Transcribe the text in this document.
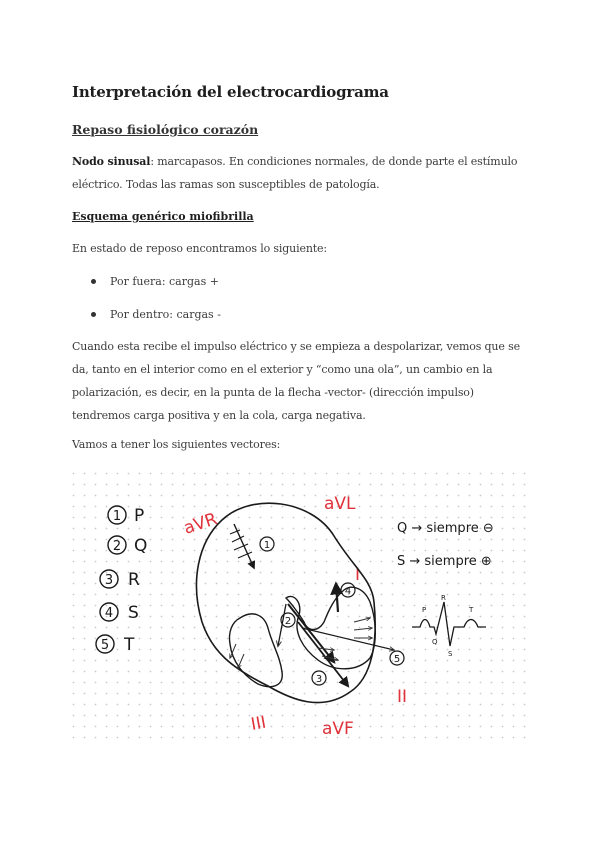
Interpretación del electrocardiograma
Repaso fisiológico corazón

Nodo sinusal: marcapasos. En condiciones normales, de donde parte el estímulo eléctrico. Todas las ramas son susceptibles de patología.

Esquema genérico miofibrilla

En estado de reposo encontramos lo siguiente:

Por fuera: cargas +
Por dentro: cargas -

Cuando esta recibe el impulso eléctrico y se empieza a despolarizar, vemos que se da, tanto en el interior como en el exterior y “como una ola”, un cambio en la polarización, es decir, en la punta de la flecha -vector- (dirección impulso) tendremos carga positiva y en la cola, carga negativa.

Vamos a tener los siguientes vectores:

1 P
2 Q
3 R
4 S
5 T
aVR
aVL
I
II
III	aVF
1
2
3
4
5
Q → siempre ⊖
S → siempre ⊕
P
R
Q
S
T
